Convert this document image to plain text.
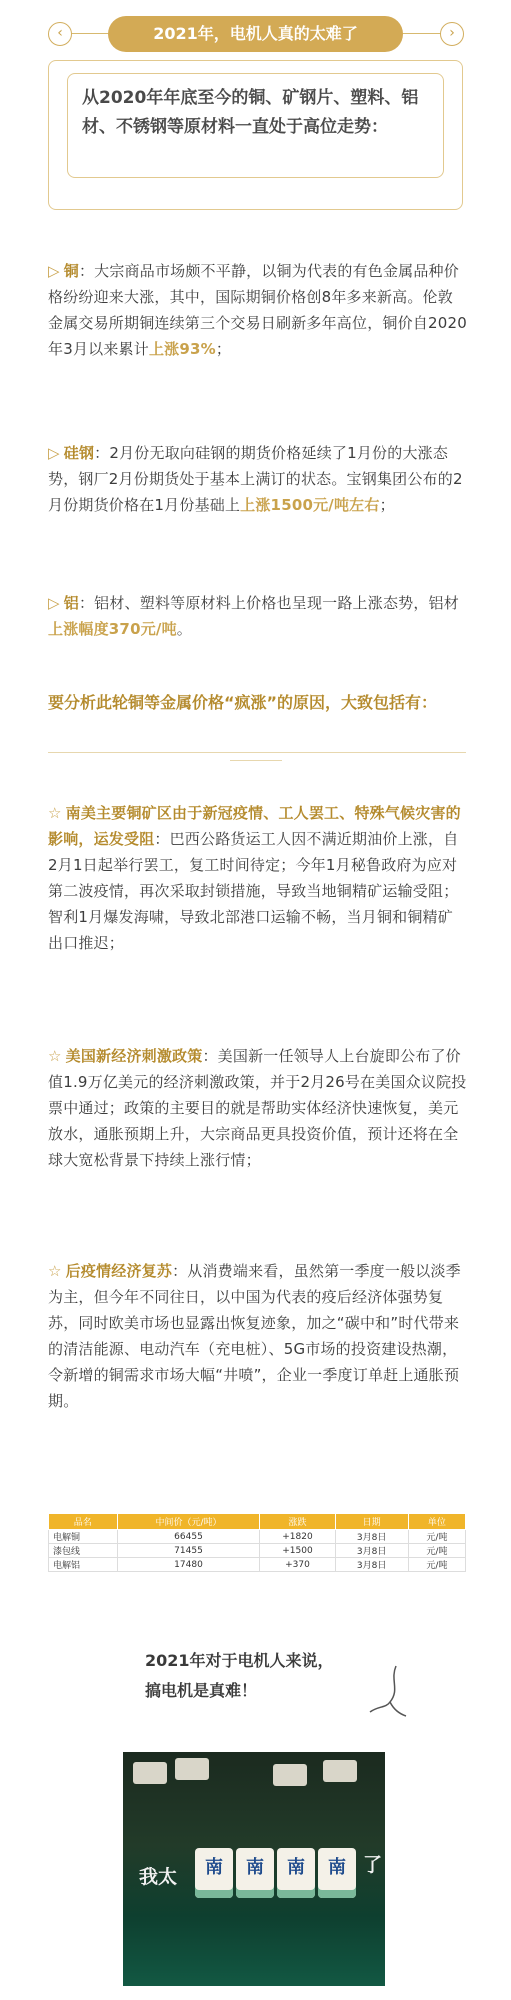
‹	2021年，电机人真的太难了	›
从2020年年底至今的铜、矿钢片、塑料、铝材、不锈钢等原材料一直处于高位走势：
▷ 铜：大宗商品市场颇不平静，以铜为代表的有色金属品种价格纷纷迎来大涨，其中，国际期铜价格创8年多来新高。伦敦金属交易所期铜连续第三个交易日刷新多年高位，铜价自2020年3月以来累计上涨93%；
▷ 硅钢：2月份无取向硅钢的期货价格延续了1月份的大涨态势，钢厂2月份期货处于基本上满订的状态。宝钢集团公布的2月份期货价格在1月份基础上上涨1500元/吨左右；
▷ 铝：铝材、塑料等原材料上价格也呈现一路上涨态势，铝材上涨幅度370元/吨。
要分析此轮铜等金属价格“疯涨”的原因，大致包括有：
☆ 南美主要铜矿区由于新冠疫情、工人罢工、特殊气候灾害的影响，运发受阻：巴西公路货运工人因不满近期油价上涨，自2月1日起举行罢工，复工时间待定；今年1月秘鲁政府为应对第二波疫情，再次采取封锁措施，导致当地铜精矿运输受阻；智利1月爆发海啸，导致北部港口运输不畅，当月铜和铜精矿出口推迟；
☆ 美国新经济刺激政策：美国新一任领导人上台旋即公布了价值1.9万亿美元的经济刺激政策，并于2月26号在美国众议院投票中通过；政策的主要目的就是帮助实体经济快速恢复，美元放水，通胀预期上升，大宗商品更具投资价值，预计还将在全球大宽松背景下持续上涨行情；
☆ 后疫情经济复苏：从消费端来看，虽然第一季度一般以淡季为主，但今年不同往日，以中国为代表的疫后经济体强势复苏，同时欧美市场也显露出恢复迹象，加之“碳中和”时代带来的清洁能源、电动汽车（充电桩）、5G市场的投资建设热潮，令新增的铜需求市场大幅“井喷”，企业一季度订单赶上通胀预期。
品名	中间价（元/吨）	涨跌	日期	单位
电解铜	66455	+1820	3月8日	元/吨
漆包线	71455	+1500	3月8日	元/吨
电解铝	17480	+370	3月8日	元/吨
2021年对于电机人来说，
搞电机是真难！
我太	南	南	南	南 了
